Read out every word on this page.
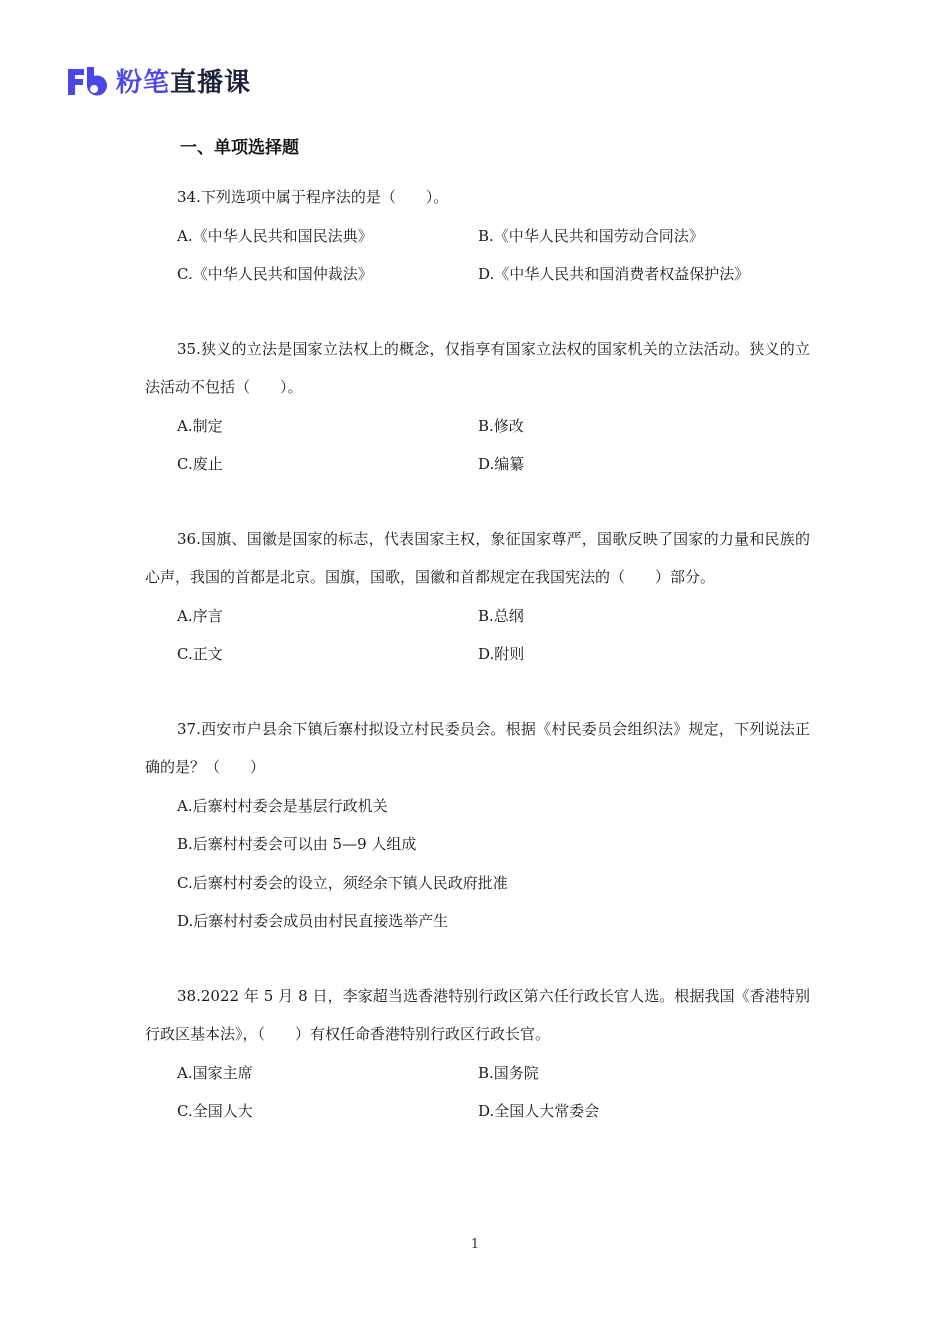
粉笔直播课
一、单项选择题

34.下列选项中属于程序法的是（　　）。

A.《中华人民共和国民法典》	B.《中华人民共和国劳动合同法》
C.《中华人民共和国仲裁法》	D.《中华人民共和国消费者权益保护法》

35.狭义的立法是国家立法权上的概念，仅指享有国家立法权的国家机关的立法活动。狭义的立法活动不包括（　　）。

A.制定	B.修改
C.废止	D.编纂

36.国旗、国徽是国家的标志，代表国家主权，象征国家尊严，国歌反映了国家的力量和民族的心声，我国的首都是北京。国旗，国歌，国徽和首都规定在我国宪法的（　　）部分。

A.序言	B.总纲
C.正文	D.附则

37.西安市户县余下镇后寨村拟设立村民委员会。根据《村民委员会组织法》规定，下列说法正确的是？（　　）

A.后寨村村委会是基层行政机关
B.后寨村村委会可以由 5—9 人组成
C.后寨村村委会的设立，须经余下镇人民政府批准
D.后寨村村委会成员由村民直接选举产生

38.2022 年 5 月 8 日，李家超当选香港特别行政区第六任行政长官人选。根据我国《香港特别行政区基本法》，（　　）有权任命香港特别行政区行政长官。

A.国家主席	B.国务院
C.全国人大	D.全国人大常委会
1
